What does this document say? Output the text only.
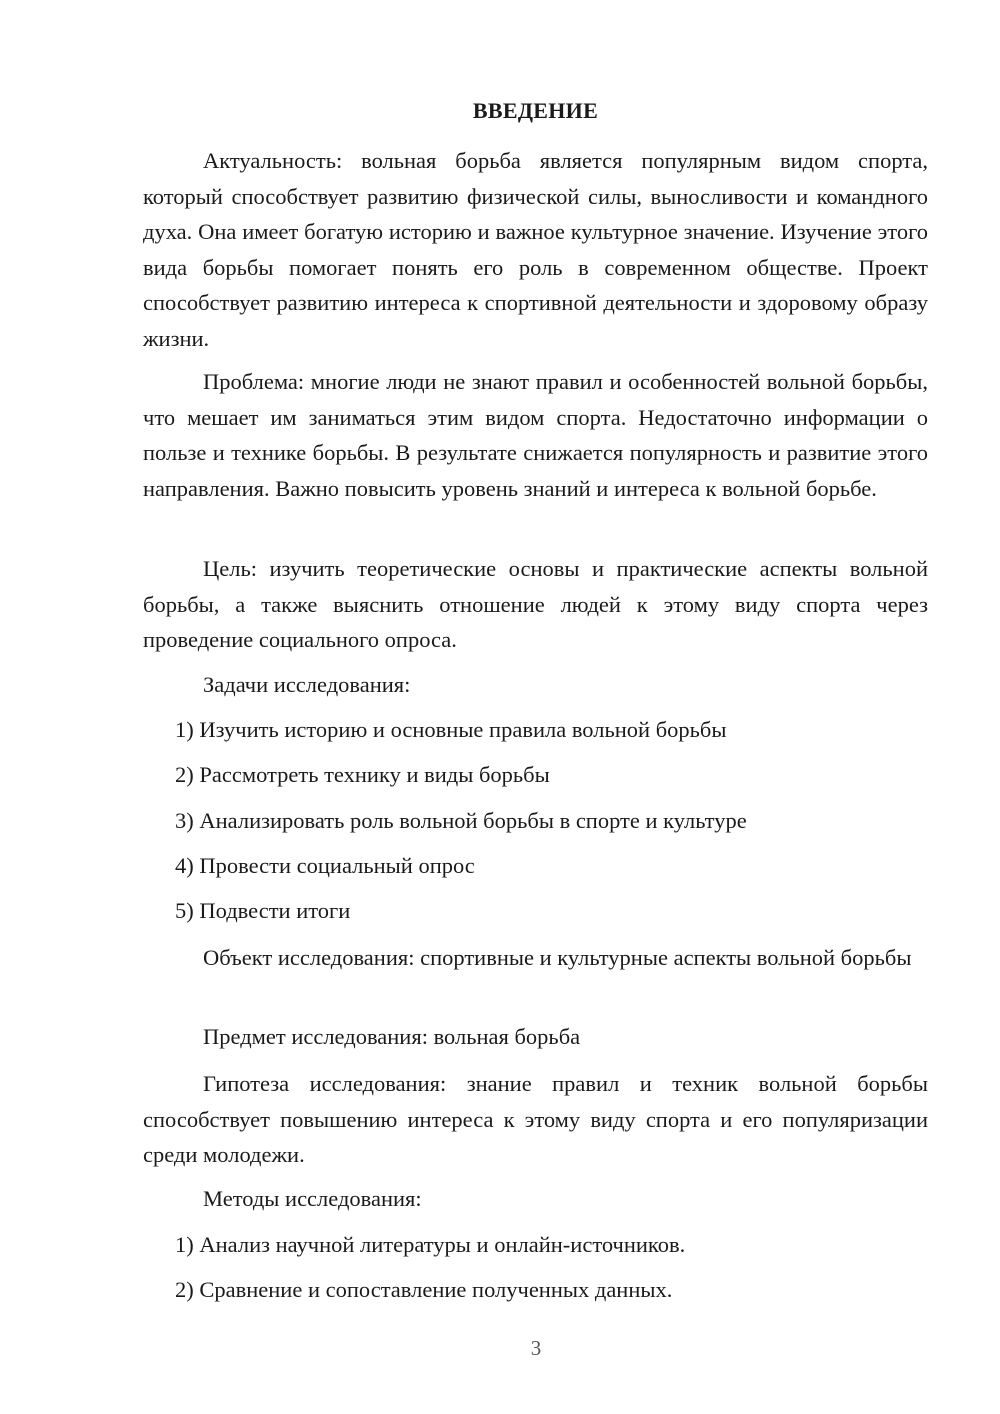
ВВЕДЕНИЕ

Актуальность: вольная борьба является популярным видом спорта, который способствует развитию физической силы, выносливости и командного духа. Она имеет богатую историю и важное культурное значение. Изучение этого вида борьбы помогает понять его роль в современном обществе. Проект способствует развитию интереса к спортивной деятельности и здоровому образу жизни.

Проблема: многие люди не знают правил и особенностей вольной борьбы, что мешает им заниматься этим видом спорта. Недостаточно информации о пользе и технике борьбы. В результате снижается популярность и развитие этого направления. Важно повысить уровень знаний и интереса к вольной борьбе.

Цель: изучить теоретические основы и практические аспекты вольной борьбы, а также выяснить отношение людей к этому виду спорта через проведение социального опроса.

Задачи исследования:

1) Изучить историю и основные правила вольной борьбы

2) Рассмотреть технику и виды борьбы

3) Анализировать роль вольной борьбы в спорте и культуре

4) Провести социальный опрос

5) Подвести итоги

Объект исследования: спортивные и культурные аспекты вольной борьбы

Предмет исследования: вольная борьба

Гипотеза исследования: знание правил и техник вольной борьбы способствует повышению интереса к этому виду спорта и его популяризации среди молодежи.

Методы исследования:

1) Анализ научной литературы и онлайн-источников.

2) Сравнение и сопоставление полученных данных.

3
